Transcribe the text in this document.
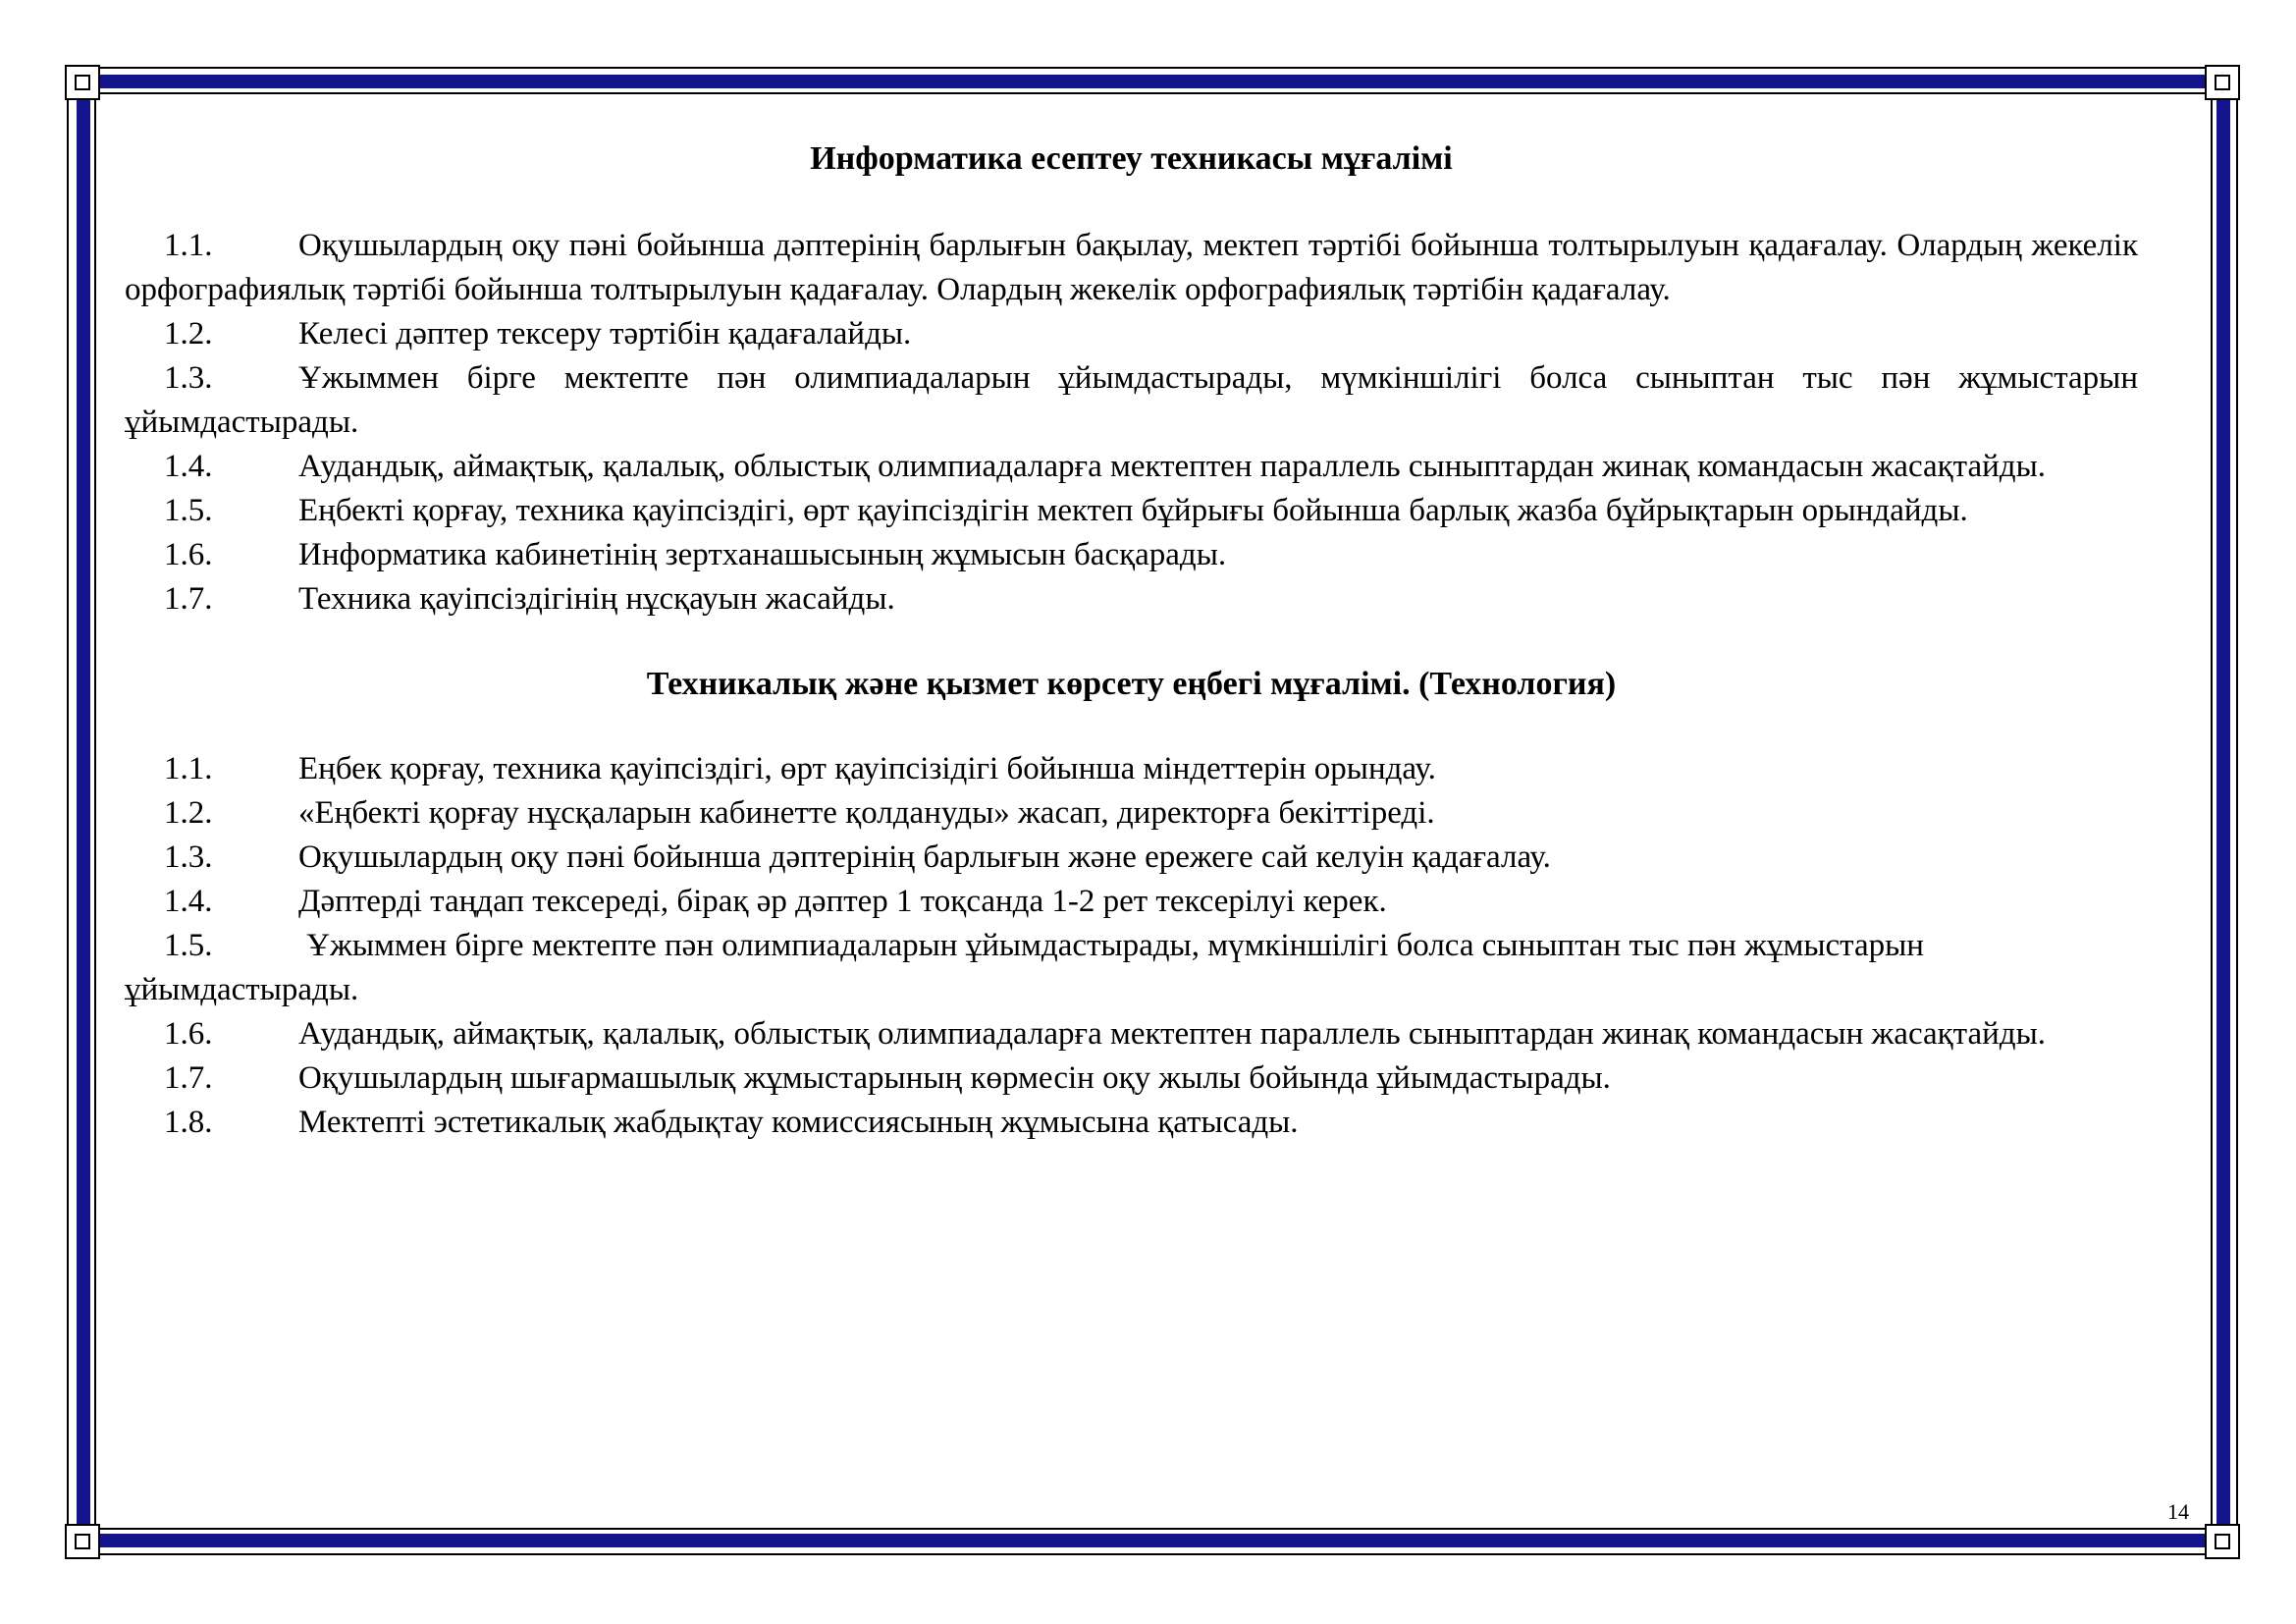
Информатика есептеу техникасы мұғалімі

1.1.	Оқушылардың оқу пәні бойынша дәптерінің барлығын бақылау, мектеп тәртібі бойынша толтырылуын қадағалау. Олардың жекелік орфографиялық тәртібі бойынша толтырылуын қадағалау. Олардың жекелік орфографиялық тәртібін қадағалау.

1.2.	Келесі дәптер тексеру тәртібін қадағалайды.

1.3.	Ұжыммен бірге мектепте пән олимпиадаларын ұйымдастырады, мүмкіншілігі болса сыныптан тыс пән жұмыстарын ұйымдастырады.

1.4.	Аудандық, аймақтық, қалалық, облыстық олимпиадаларға мектептен параллель сыныптардан жинақ командасын жасақтайды.

1.5.	Еңбекті қорғау, техника қауіпсіздігі, өрт қауіпсіздігін мектеп бұйрығы бойынша барлық жазба бұйрықтарын орындайды.

1.6.	Информатика кабинетінің зертханашысының жұмысын басқарады.

1.7.	Техника қауіпсіздігінің нұсқауын жасайды.

Техникалық және қызмет көрсету еңбегі мұғалімі. (Технология)

1.1.	Еңбек қорғау, техника қауіпсіздігі, өрт қауіпсізідігі бойынша міндеттерін орындау.

1.2.	«Еңбекті қорғау нұсқаларын кабинетте қолдануды» жасап, директорға бекіттіреді.

1.3.	Оқушылардың оқу пәні бойынша дәптерінің барлығын және ережеге сай келуін қадағалау.

1.4.	Дәптерді таңдап тексереді, бірақ әр дәптер 1 тоқсанда 1-2 рет тексерілуі керек.

1.5.	Ұжыммен бірге мектепте пән олимпиадаларын ұйымдастырады, мүмкіншілігі болса сыныптан тыс пән жұмыстарын ұйымдастырады.

1.6.	Аудандық, аймақтық, қалалық, облыстық олимпиадаларға мектептен параллель сыныптардан жинақ командасын жасақтайды.

1.7.	Оқушылардың шығармашылық жұмыстарының көрмесін оқу жылы бойында ұйымдастырады.

1.8.	Мектепті эстетикалық жабдықтау комиссиясының жұмысына қатысады.

14
